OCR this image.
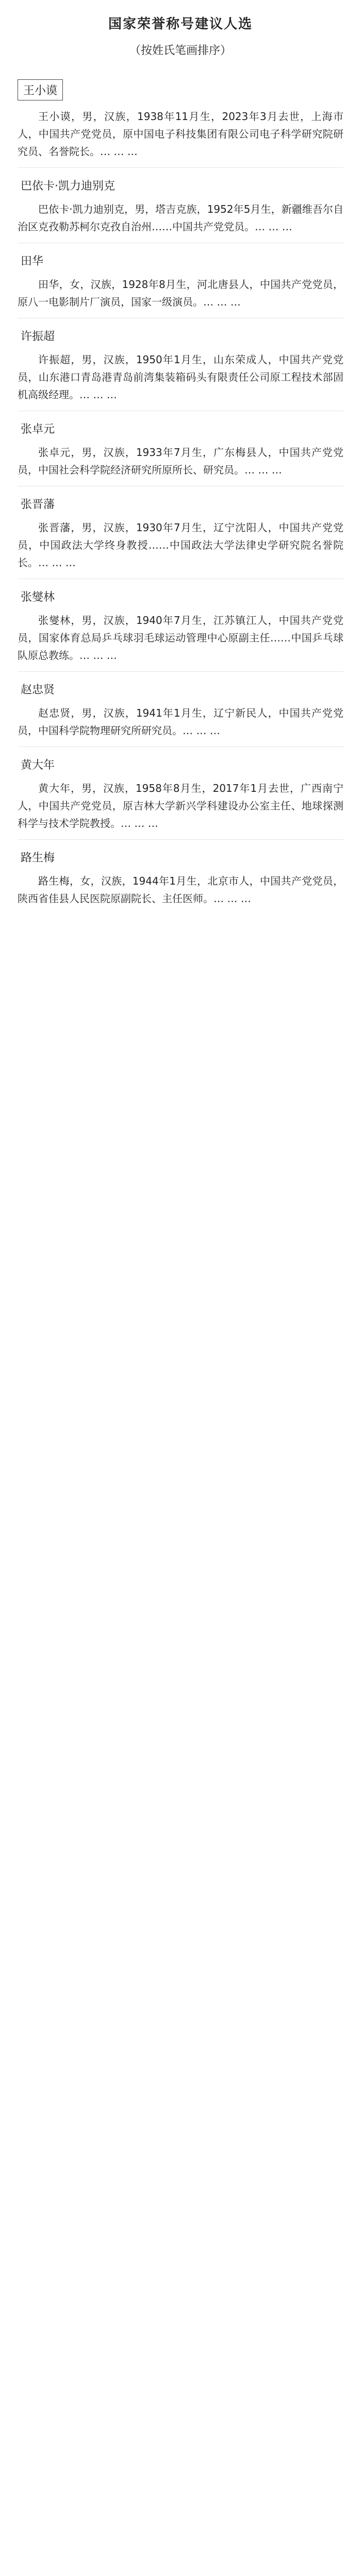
国家荣誉称号建议人选
（按姓氏笔画排序）
王小谟

王小谟，男，汉族，1938年11月生，2023年3月去世，上海市人，中国共产党党员，原中国电子科技集团有限公司电子科学研究院研究员、名誉院长。… … …

巴依卡·凯力迪别克

巴依卡·凯力迪别克，男，塔吉克族，1952年5月生，新疆维吾尔自治区克孜勒苏柯尔克孜自治州……中国共产党党员。… … …

田华

田华，女，汉族，1928年8月生，河北唐县人，中国共产党党员，原八一电影制片厂演员，国家一级演员。… … …

许振超

许振超，男，汉族，1950年1月生，山东荣成人，中国共产党党员，山东港口青岛港青岛前湾集装箱码头有限责任公司原工程技术部固机高级经理。… … …

张卓元

张卓元，男，汉族，1933年7月生，广东梅县人，中国共产党党员，中国社会科学院经济研究所原所长、研究员。… … …

张晋藩

张晋藩，男，汉族，1930年7月生，辽宁沈阳人，中国共产党党员，中国政法大学终身教授……中国政法大学法律史学研究院名誉院长。… … …

张燮林

张燮林，男，汉族，1940年7月生，江苏镇江人，中国共产党党员，国家体育总局乒乓球羽毛球运动管理中心原副主任……中国乒乓球队原总教练。… … …

赵忠贤

赵忠贤，男，汉族，1941年1月生，辽宁新民人，中国共产党党员，中国科学院物理研究所研究员。… … …

黄大年

黄大年，男，汉族，1958年8月生，2017年1月去世，广西南宁人，中国共产党党员，原吉林大学新兴学科建设办公室主任、地球探测科学与技术学院教授。… … …

路生梅

路生梅，女，汉族，1944年1月生，北京市人，中国共产党党员，陕西省佳县人民医院原副院长、主任医师。… … …
